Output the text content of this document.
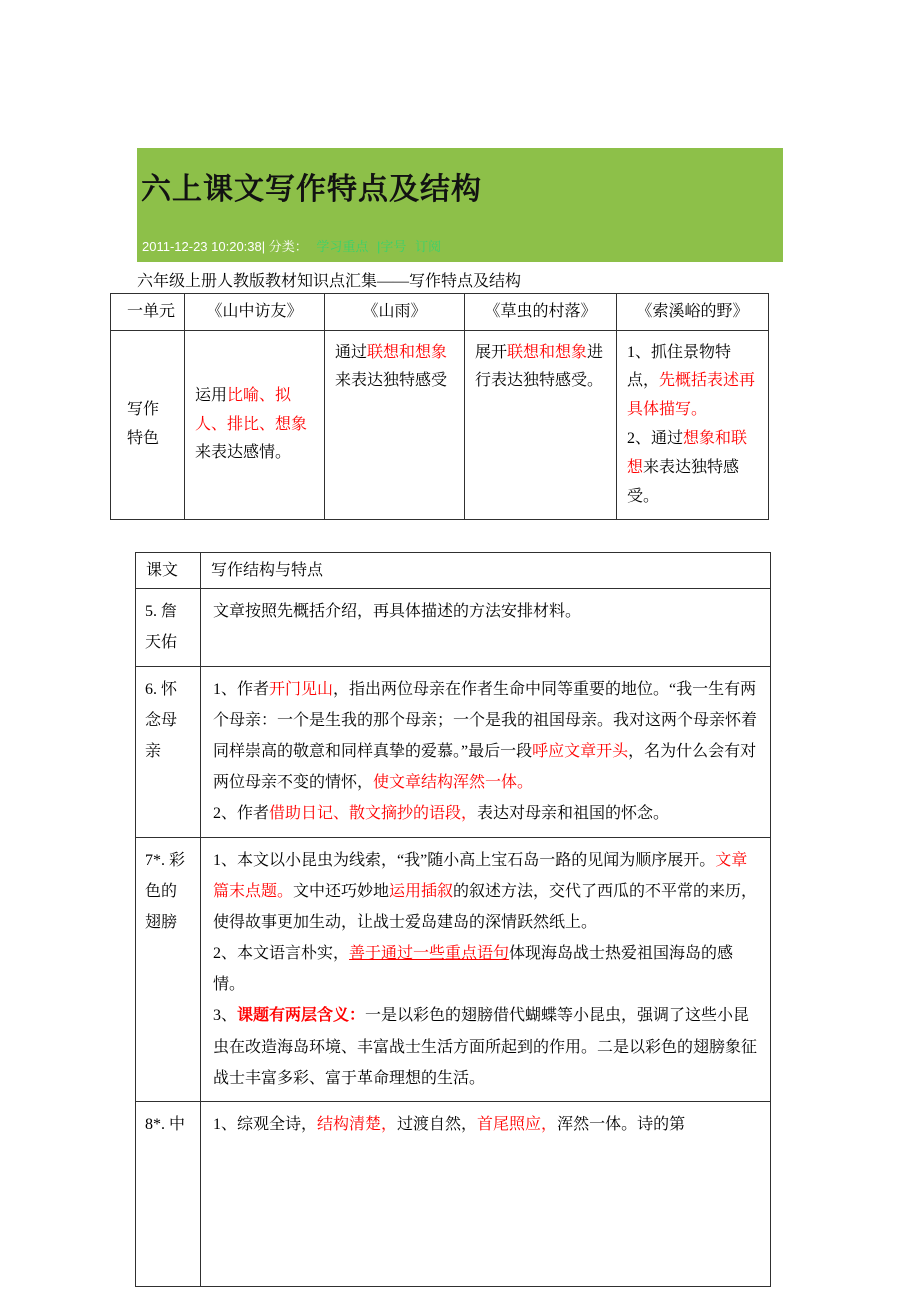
六上课文写作特点及结构
2011-12-23 10:20:38| 分类： 学习重点 |字号 订阅

六年级上册人教版教材知识点汇集——写作特点及结构

一单元	《山中访友》	《山雨》	《草虫的村落》	《索溪峪的野》
写作特色	运用比喻、拟人、排比、想象来表达感情。	通过联想和想象来表达独特感受	展开联想和想象进行表达独特感受。	1、抓住景物特点，先概括表述再具体描写。

2、通过想象和联想来表达独特感受。

课文	写作结构与特点
5. 詹天佑	文章按照先概括介绍，再具体描述的方法安排材料。

6. 怀念母亲	1、作者开门见山，指出两位母亲在作者生命中同等重要的地位。“我一生有两个母亲：一个是生我的那个母亲；一个是我的祖国母亲。我对这两个母亲怀着同样崇高的敬意和同样真挚的爱慕。”最后一段呼应文章开头，名为什么会有对两位母亲不变的情怀，使文章结构浑然一体。

2、作者借助日记、散文摘抄的语段，表达对母亲和祖国的怀念。

7*. 彩色的翅膀	1、本文以小昆虫为线索，“我”随小高上宝石岛一路的见闻为顺序展开。文章篇末点题。文中还巧妙地运用插叙的叙述方法，交代了西瓜的不平常的来历，使得故事更加生动，让战士爱岛建岛的深情跃然纸上。

2、本文语言朴实，善于通过一些重点语句体现海岛战士热爱祖国海岛的感情。

3、课题有两层含义：一是以彩色的翅膀借代蝴蝶等小昆虫，强调了这些小昆虫在改造海岛环境、丰富战士生活方面所起到的作用。二是以彩色的翅膀象征战士丰富多彩、富于革命理想的生活。

8*. 中	1、综观全诗，结构清楚，过渡自然，首尾照应，浑然一体。诗的第
